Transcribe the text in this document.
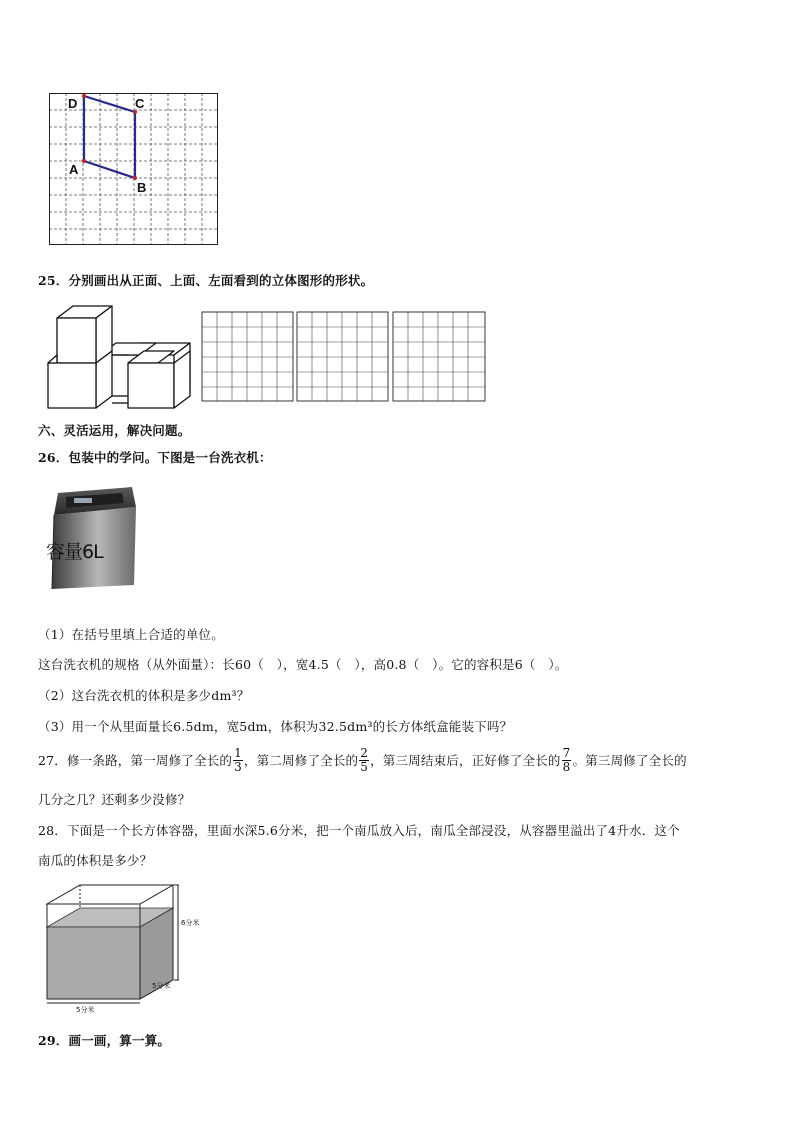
D	C
A
B
25．分别画出从正面、上面、左面看到的立体图形的形状。
六、灵活运用，解决问题。
26．包装中的学问。下图是一台洗衣机：
容量6L
（1）在括号里填上合适的单位。
这台洗衣机的规格（从外面量）：长60（　），宽4.5（　），高0.8（　）。它的容积是6（　）。
（2）这台洗衣机的体积是多少dm³？
（3）用一个从里面量长6.5dm，宽5dm，体积为32.5dm³的长方体纸盒能装下吗？
27．修一条路，第一周修了全长的 $\frac{1}{3}$ ，第二周修了全长的 $\frac{2}{5}$ ，第三周结束后，正好修了全长的 $\frac{7}{8}$ 。第三周修了全长的
几分之几？还剩多少没修？
28．下面是一个长方体容器，里面水深5.6分米，把一个南瓜放入后，南瓜全部浸没，从容器里溢出了4升水．这个
南瓜的体积是多少？
6分米
5分米
5分米
29．画一画，算一算。
